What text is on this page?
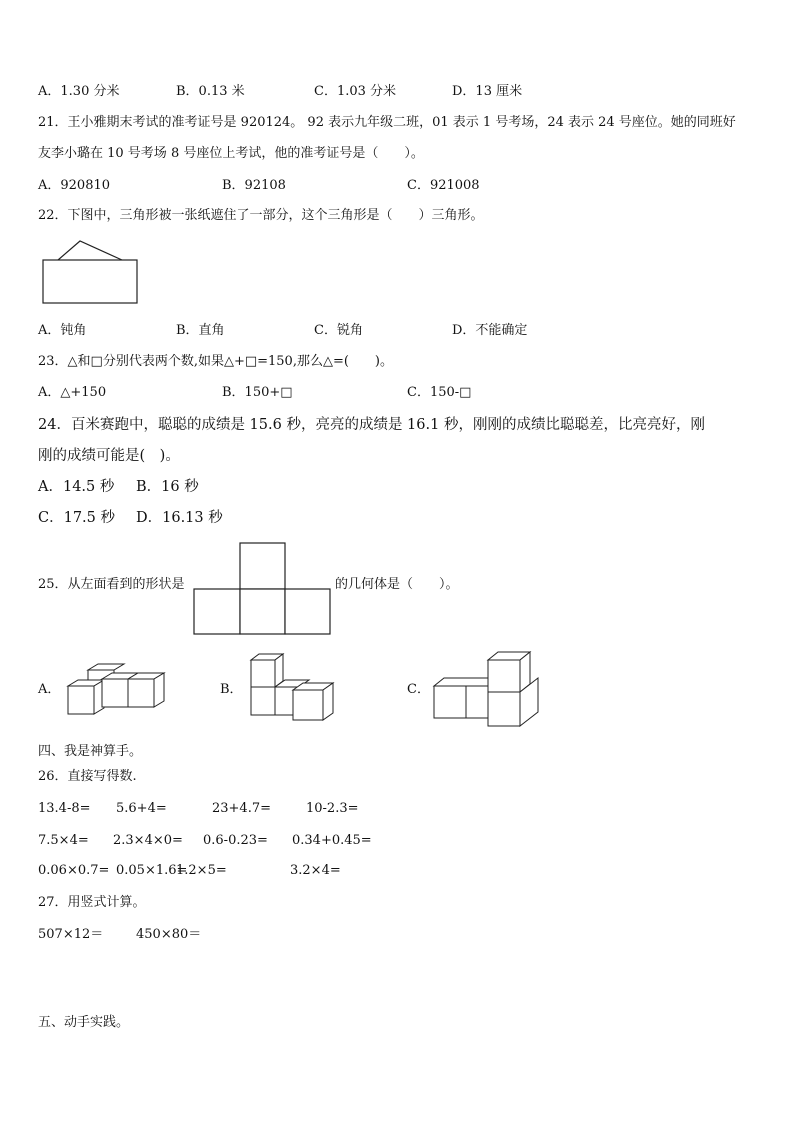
A．1.30 分米	B．0.13 米	C．1.03 分米	D．13 厘米
21．王小雅期末考试的准考证号是 920124。 92 表示九年级二班，01 表示 1 号考场，24 表示 24 号座位。她的同班好
友李小璐在 10 号考场 8 号座位上考试，他的准考证号是（　　）。
A．920810	B．92108	C．921008
22．下图中，三角形被一张纸遮住了一部分，这个三角形是（　　）三角形。
A．钝角	B．直角	C．锐角	D．不能确定
23．△和□分别代表两个数,如果△+□=150,那么△=(　　)。
A．△+150	B．150+□	C．150-□
24．百米赛跑中，聪聪的成绩是 15.6 秒，亮亮的成绩是 16.1 秒，刚刚的成绩比聪聪差，比亮亮好，刚
刚的成绩可能是(　)。
A．14.5 秒 B．16 秒
C．17.5 秒 D．16.13 秒
25．从左面看到的形状是	的几何体是（　　）。
A．	B．	C．
四、我是神算手。
26．直接写得数.
13.4-8= 5.6+4=	23+4.7=	10-2.3=
7.5×4= 2.3×4×0= 0.6-0.23= 0.34+0.45=
0.06×0.7= 0.05×1.6=
1.2×5=	3.2×4=
27．用竖式计算。
507×12＝	450×80＝
五、动手实践。
